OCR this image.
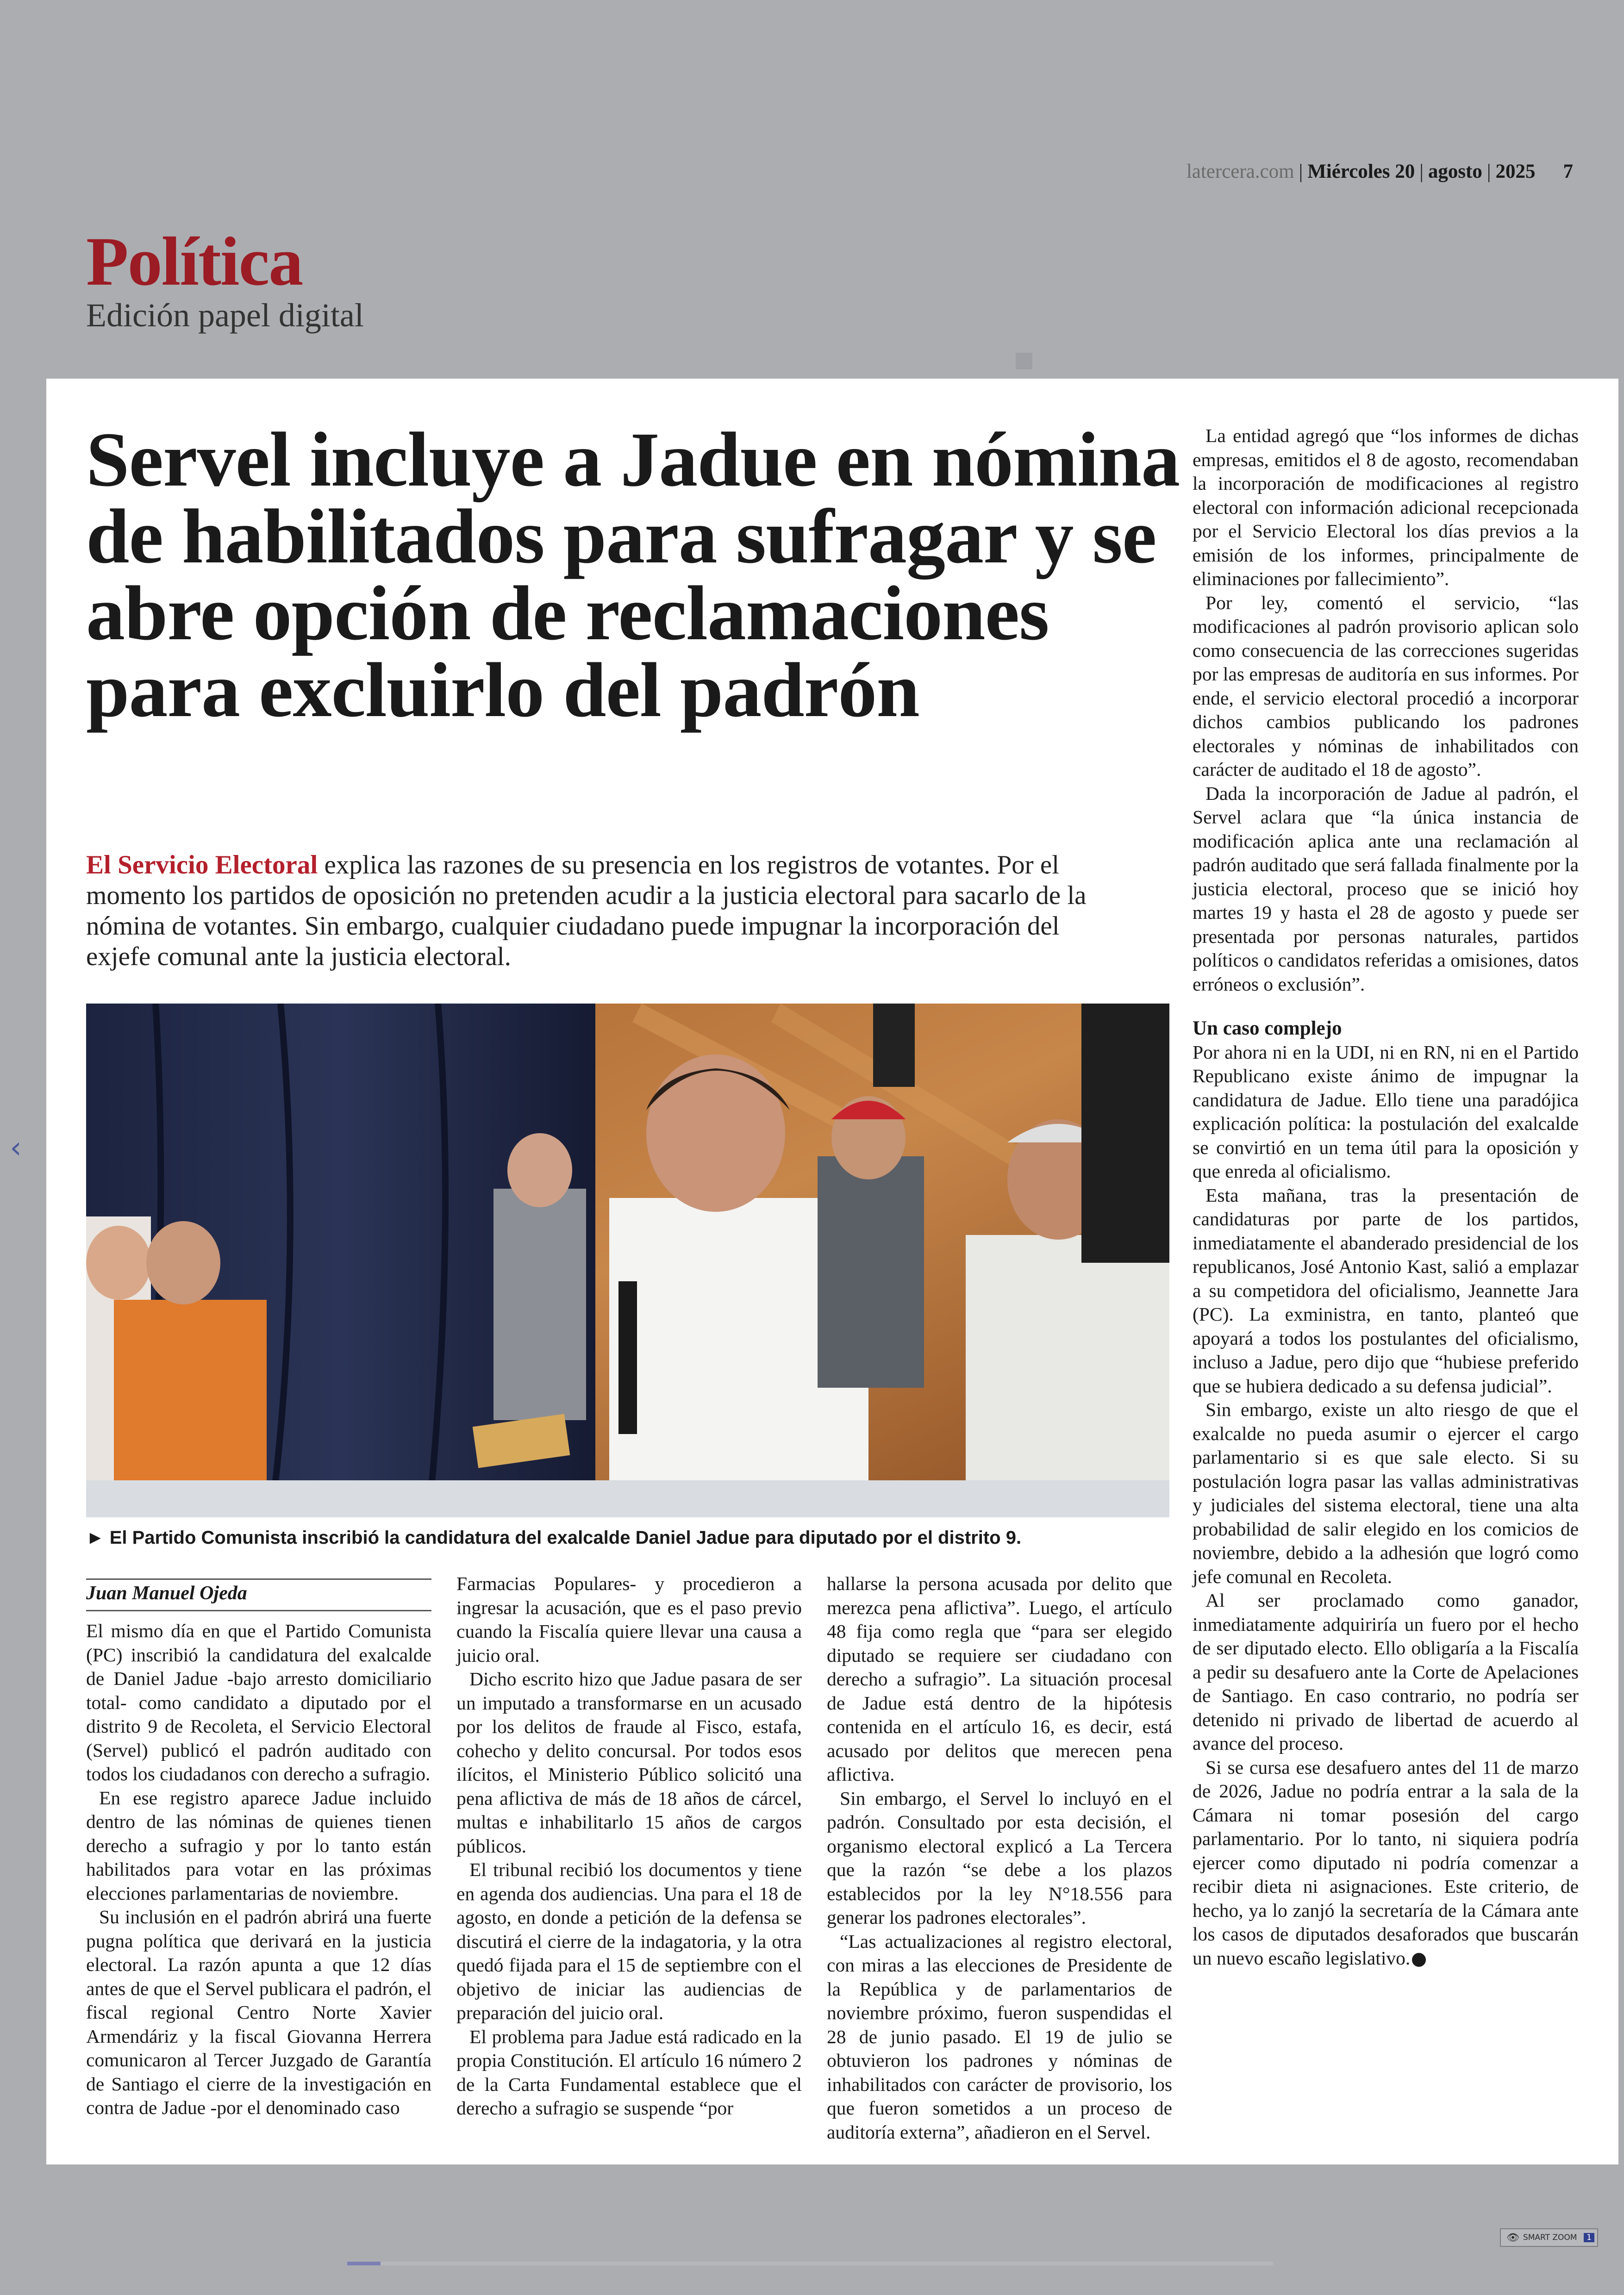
latercera.com | Miércoles 20 | agosto | 2025 7
Política
Edición papel digital
‹
Servel incluye a Jadue en nómina de habilitados para sufragar y se abre opción de reclamaciones para excluirlo del padrón

El Servicio Electoral explica las razones de su presencia en los registros de votantes. Por el momento los partidos de oposición no pretenden acudir a la justicia electoral para sacarlo de la nómina de votantes. Sin embargo, cualquier ciudadano puede impugnar la incorporación del exjefe comunal ante la justicia electoral.

► El Partido Comunista inscribió la candidatura del exalcalde Daniel Jadue para diputado por el distrito 9.
Juan Manuel Ojeda

El mismo día en que el Partido Comunista (PC) inscribió la candidatura del exalcalde de Daniel Jadue -bajo arresto domiciliario total- como candidato a diputado por el distrito 9 de Recoleta, el Servicio Electoral (Servel) publicó el padrón auditado con todos los ciudadanos con derecho a sufragio.

En ese registro aparece Jadue incluido dentro de las nóminas de quienes tienen derecho a sufragio y por lo tanto están habilitados para votar en las próximas elecciones parlamentarias de noviembre.

Su inclusión en el padrón abrirá una fuerte pugna política que derivará en la justicia electoral. La razón apunta a que 12 días antes de que el Servel publicara el padrón, el fiscal regional Centro Norte Xavier Armendáriz y la fiscal Giovanna Herrera comunicaron al Tercer Juzgado de Garantía de Santiago el cierre de la investigación en contra de Jadue -por el denominado caso

Farmacias Populares- y procedieron a ingresar la acusación, que es el paso previo cuando la Fiscalía quiere llevar una causa a juicio oral.

Dicho escrito hizo que Jadue pasara de ser un imputado a transformarse en un acusado por los delitos de fraude al Fisco, estafa, cohecho y delito concursal. Por todos esos ilícitos, el Ministerio Público solicitó una pena aflictiva de más de 18 años de cárcel, multas e inhabilitarlo 15 años de cargos públicos.

El tribunal recibió los documentos y tiene en agenda dos audiencias. Una para el 18 de agosto, en donde a petición de la defensa se discutirá el cierre de la indagatoria, y la otra quedó fijada para el 15 de septiembre con el objetivo de iniciar las audiencias de preparación del juicio oral.

El problema para Jadue está radicado en la propia Constitución. El artículo 16 número 2 de la Carta Fundamental establece que el derecho a sufragio se suspende “por

hallarse la persona acusada por delito que merezca pena aflictiva”. Luego, el artículo 48 fija como regla que “para ser elegido diputado se requiere ser ciudadano con derecho a sufragio”. La situación procesal de Jadue está dentro de la hipótesis contenida en el artículo 16, es decir, está acusado por delitos que merecen pena aflictiva.

Sin embargo, el Servel lo incluyó en el padrón. Consultado por esta decisión, el organismo electoral explicó a La Tercera que la razón “se debe a los plazos establecidos por la ley N°18.556 para generar los padrones electorales”.

“Las actualizaciones al registro electoral, con miras a las elecciones de Presidente de la República y de parlamentarios de noviembre próximo, fueron suspendidas el 28 de junio pasado. El 19 de julio se obtuvieron los padrones y nóminas de inhabilitados con carácter de provisorio, los que fueron sometidos a un proceso de auditoría externa”, añadieron en el Servel.

La entidad agregó que “los informes de dichas empresas, emitidos el 8 de agosto, recomendaban la incorporación de modificaciones al registro electoral con información adicional recepcionada por el Servicio Electoral los días previos a la emisión de los informes, principalmente de eliminaciones por fallecimiento”.

Por ley, comentó el servicio, “las modificaciones al padrón provisorio aplican solo como consecuencia de las correcciones sugeridas por las empresas de auditoría en sus informes. Por ende, el servicio electoral procedió a incorporar dichos cambios publicando los padrones electorales y nóminas de inhabilitados con carácter de auditado el 18 de agosto”.

Dada la incorporación de Jadue al padrón, el Servel aclara que “la única instancia de modificación aplica ante una reclamación al padrón auditado que será fallada finalmente por la justicia electoral, proceso que se inició hoy martes 19 y hasta el 28 de agosto y puede ser presentada por personas naturales, partidos políticos o candidatos referidas a omisiones, datos erróneos o exclusión”.

Un caso complejo

Por ahora ni en la UDI, ni en RN, ni en el Partido Republicano existe ánimo de impugnar la candidatura de Jadue. Ello tiene una paradójica explicación política: la postulación del exalcalde se convirtió en un tema útil para la oposición y que enreda al oficialismo.

Esta mañana, tras la presentación de candidaturas por parte de los partidos, inmediatamente el abanderado presidencial de los republicanos, José Antonio Kast, salió a emplazar a su competidora del oficialismo, Jeannette Jara (PC). La exministra, en tanto, planteó que apoyará a todos los postulantes del oficialismo, incluso a Jadue, pero dijo que “hubiese preferido que se hubiera dedicado a su defensa judicial”.

Sin embargo, existe un alto riesgo de que el exalcalde no pueda asumir o ejercer el cargo parlamentario si es que sale electo. Si su postulación logra pasar las vallas administrativas y judiciales del sistema electoral, tiene una alta probabilidad de salir elegido en los comicios de noviembre, debido a la adhesión que logró como jefe comunal en Recoleta.

Al ser proclamado como ganador, inmediatamente adquiriría un fuero por el hecho de ser diputado electo. Ello obligaría a la Fiscalía a pedir su desafuero ante la Corte de Apelaciones de Santiago. En caso contrario, no podría ser detenido ni privado de libertad de acuerdo al avance del proceso.

Si se cursa ese desafuero antes del 11 de marzo de 2026, Jadue no podría entrar a la sala de la Cámara ni tomar posesión del cargo parlamentario. Por lo tanto, ni siquiera podría ejercer como diputado ni podría comenzar a recibir dieta ni asignaciones. Este criterio, de hecho, ya lo zanjó la secretaría de la Cámara ante los casos de diputados desaforados que buscarán un nuevo escaño legislativo.

👁 SMART ZOOM	1
